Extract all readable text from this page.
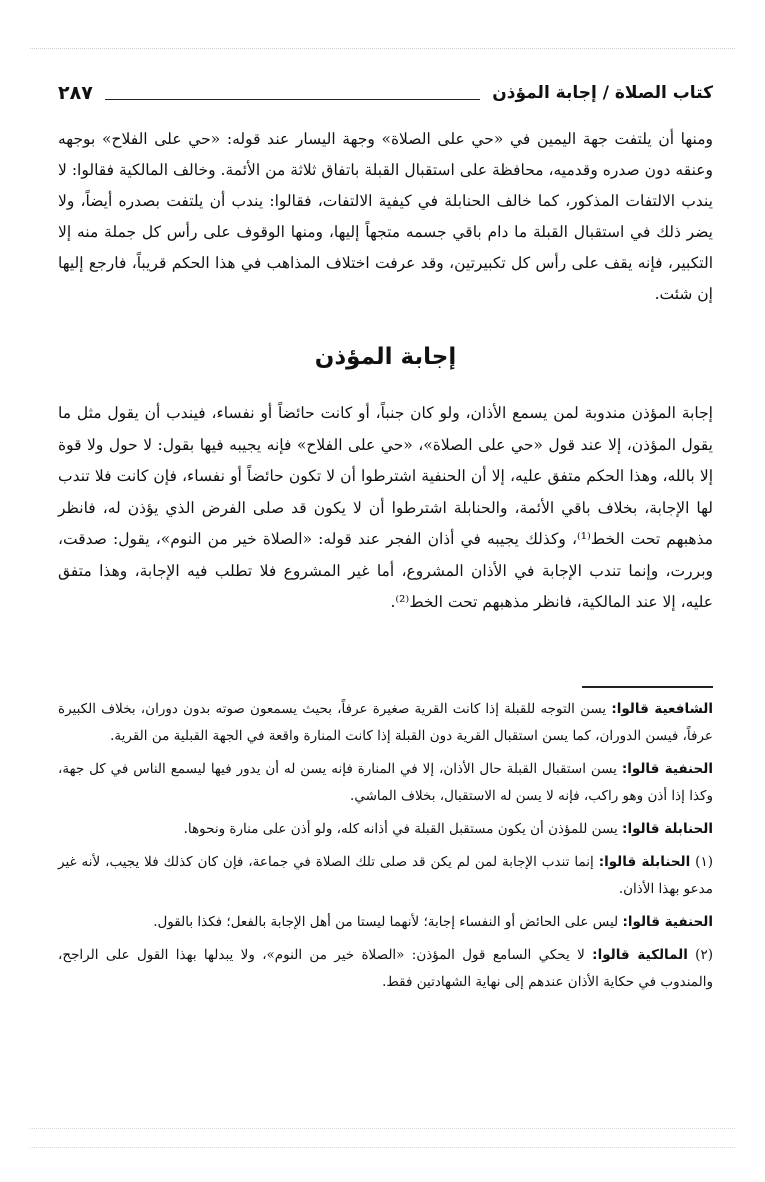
كتاب الصلاة / إجابة المؤذن
٢٨٧

ومنها أن يلتفت جهة اليمين في «حي على الصلاة» وجهة اليسار عند قوله: «حي على الفلاح» بوجهه وعنقه دون صدره وقدميه، محافظة على استقبال القبلة باتفاق ثلاثة من الأئمة. وخالف المالكية فقالوا: لا يندب الالتفات المذكور، كما خالف الحنابلة في كيفية الالتفات، فقالوا: يندب أن يلتفت بصدره أيضاً، ولا يضر ذلك في استقبال القبلة ما دام باقي جسمه متجهاً إليها، ومنها الوقوف على رأس كل جملة منه إلا التكبير، فإنه يقف على رأس كل تكبيرتين، وقد عرفت اختلاف المذاهب في هذا الحكم قريباً، فارجع إليها إن شئت.

إجابة المؤذن

إجابة المؤذن مندوبة لمن يسمع الأذان، ولو كان جنباً، أو كانت حائضاً أو نفساء، فيندب أن يقول مثل ما يقول المؤذن، إلا عند قول «حي على الصلاة»، «حي على الفلاح» فإنه يجيبه فيها بقول: لا حول ولا قوة إلا بالله، وهذا الحكم متفق عليه، إلا أن الحنفية اشترطوا أن لا تكون حائضاً أو نفساء، فإن كانت فلا تندب لها الإجابة، بخلاف باقي الأئمة، والحنابلة اشترطوا أن لا يكون قد صلى الفرض الذي يؤذن له، فانظر مذهبهم تحت الخط⁽¹⁾، وكذلك يجيبه في أذان الفجر عند قوله: «الصلاة خير من النوم»، يقول: صدقت، وبررت، وإنما تندب الإجابة في الأذان المشروع، أما غير المشروع فلا تطلب فيه الإجابة، وهذا متفق عليه، إلا عند المالكية، فانظر مذهبهم تحت الخط⁽²⁾.

الشافعية قالوا: يسن التوجه للقبلة إذا كانت القرية صغيرة عرفاً، بحيث يسمعون صوته بدون دوران، بخلاف الكبيرة عرفاً، فيسن الدوران، كما يسن استقبال القرية دون القبلة إذا كانت المنارة واقعة في الجهة القبلية من القرية.

الحنفية قالوا: يسن استقبال القبلة حال الأذان، إلا في المنارة فإنه يسن له أن يدور فيها ليسمع الناس في كل جهة، وكذا إذا أذن وهو راكب، فإنه لا يسن له الاستقبال، بخلاف الماشي.

الحنابلة قالوا: يسن للمؤذن أن يكون مستقبل القبلة في أذانه كله، ولو أذن على منارة ونحوها.

(١) الحنابلة قالوا: إنما تندب الإجابة لمن لم يكن قد صلى تلك الصلاة في جماعة، فإن كان كذلك فلا يجيب، لأنه غير مدعو بهذا الأذان.

الحنفية قالوا: ليس على الحائض أو النفساء إجابة؛ لأنهما ليستا من أهل الإجابة بالفعل؛ فكذا بالقول.

(٢) المالكية قالوا: لا يحكي السامع قول المؤذن: «الصلاة خير من النوم»، ولا يبدلها بهذا القول على الراجح، والمندوب في حكاية الأذان عندهم إلى نهاية الشهادتين فقط.
